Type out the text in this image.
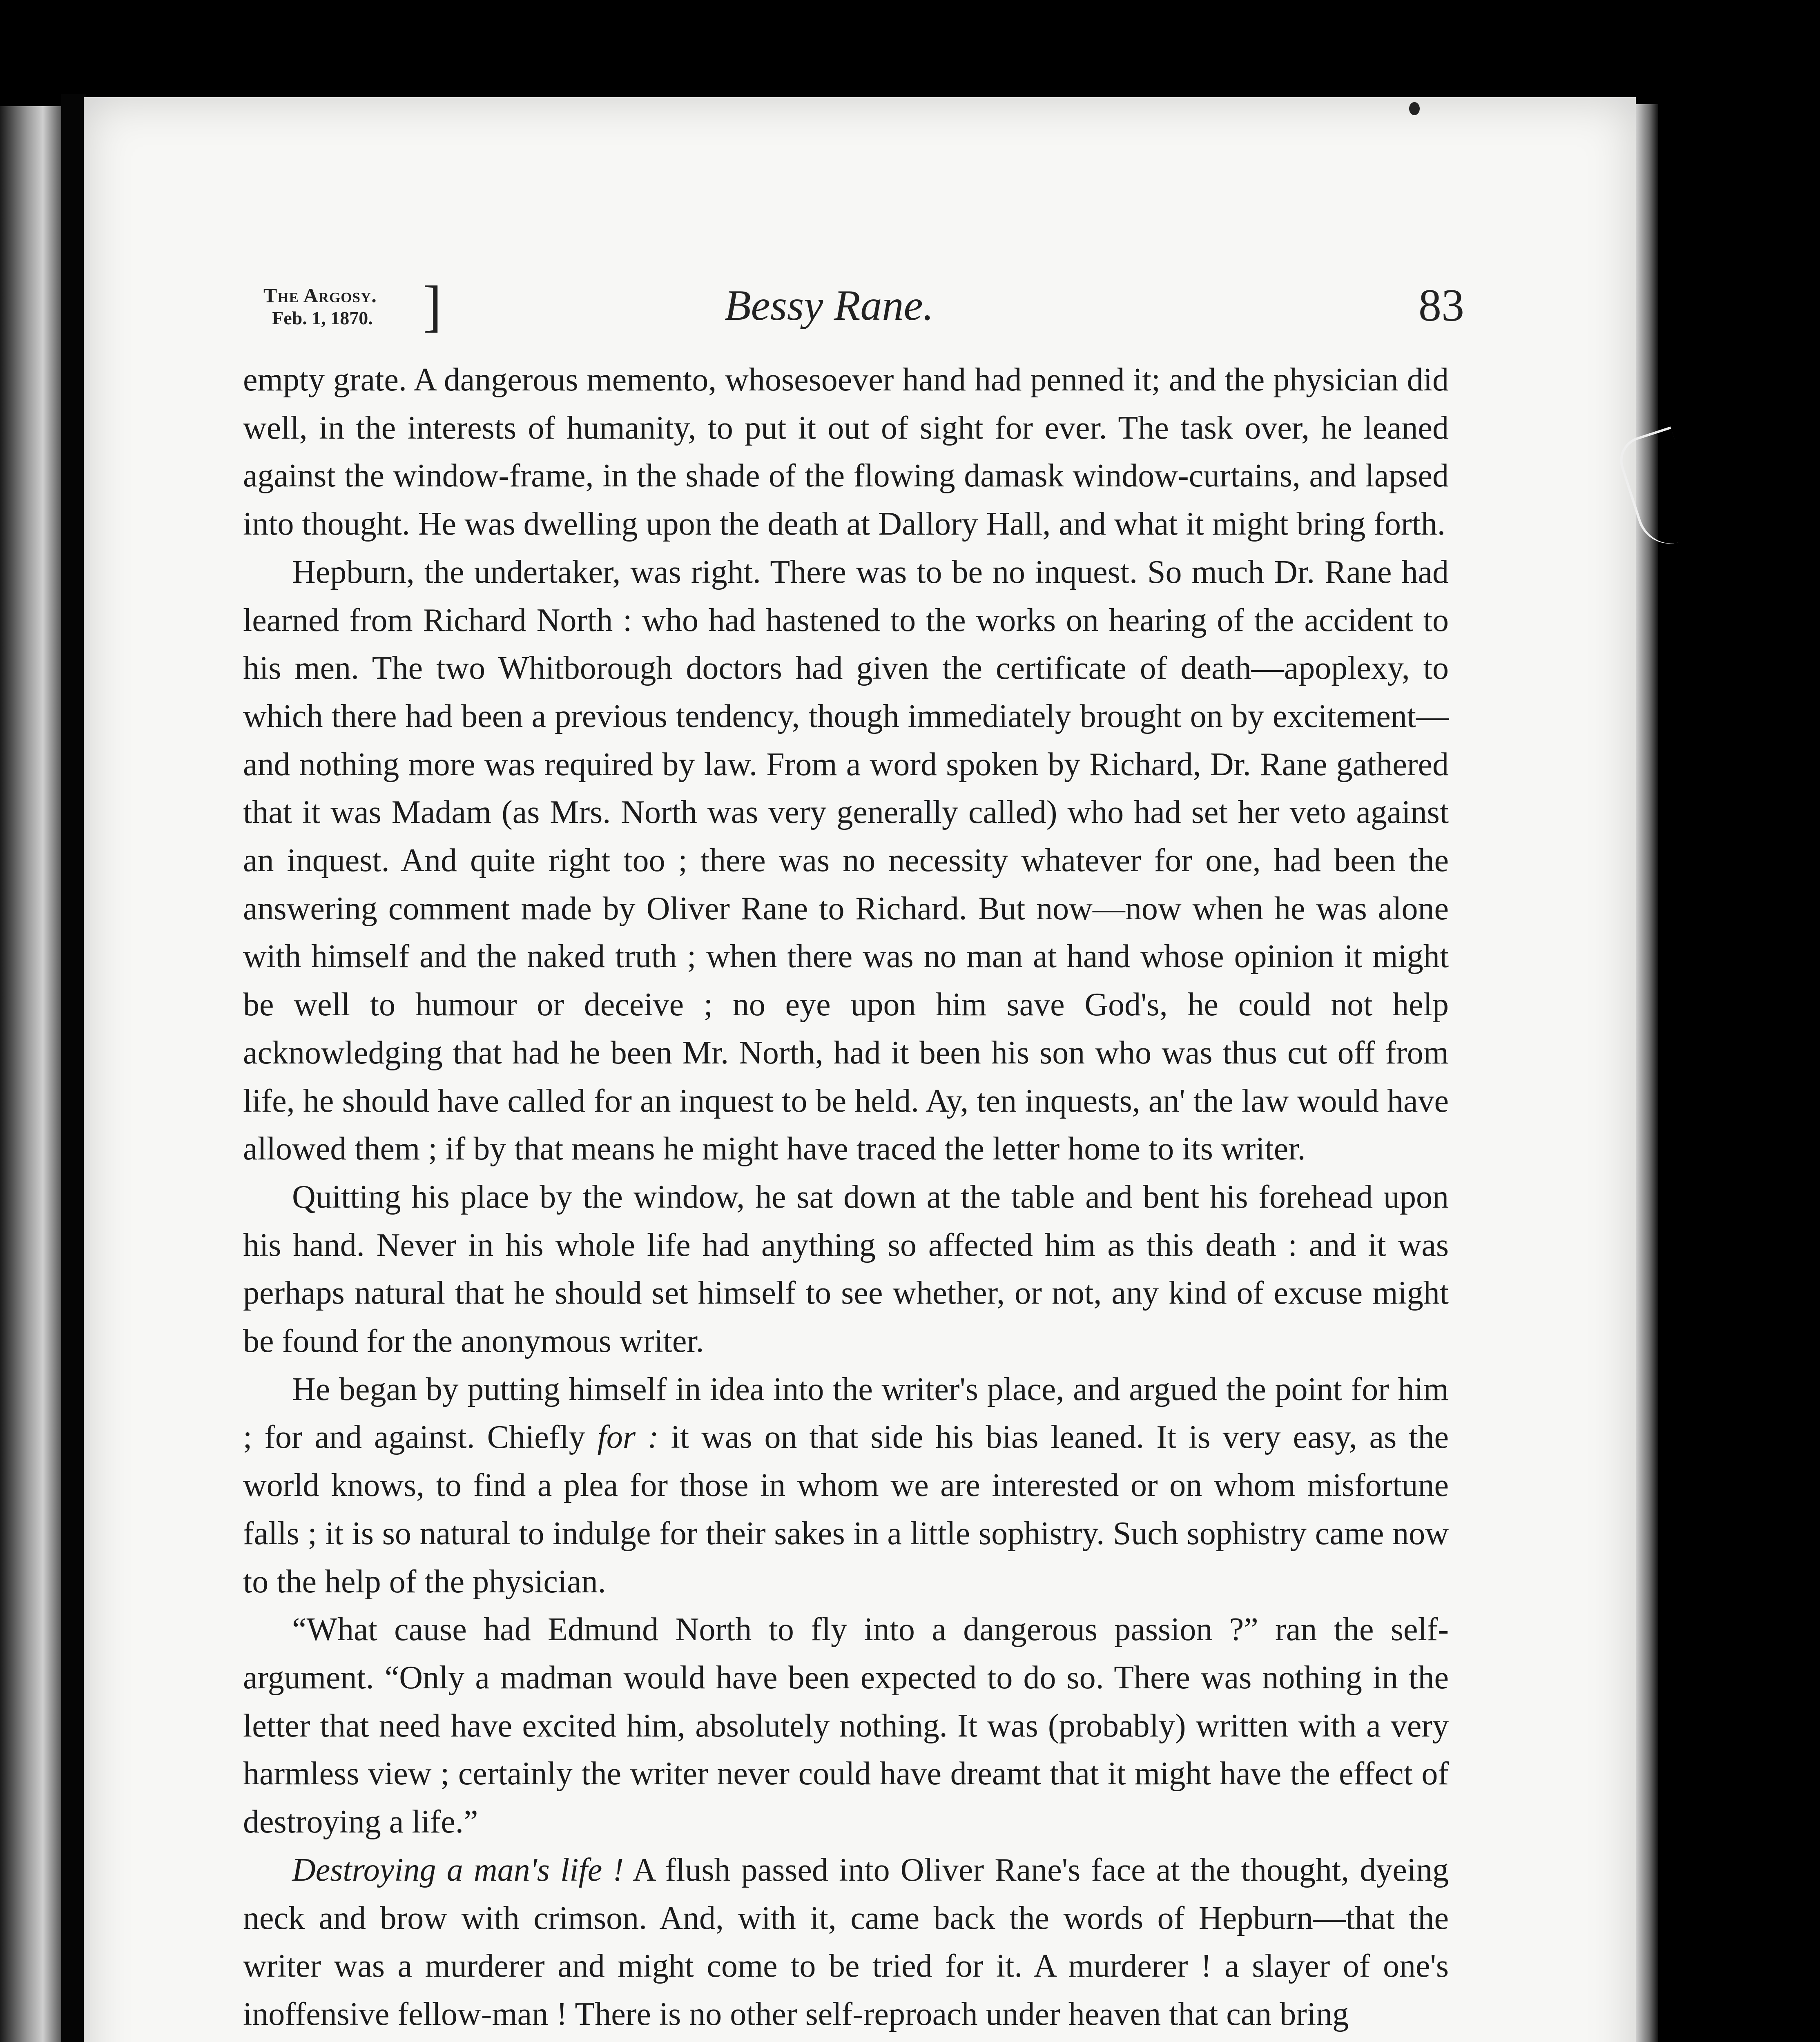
The Argosy.
Feb. 1, 1870. ]	Bessy Rane.	83

empty grate. A dangerous memento, whosesoever hand had penned it; and the physician did well, in the interests of humanity, to put it out of sight for ever. The task over, he leaned against the window-frame, in the shade of the flowing damask window-curtains, and lapsed into thought. He was dwelling upon the death at Dallory Hall, and what it might bring forth.

Hepburn, the undertaker, was right. There was to be no inquest. So much Dr. Rane had learned from Richard North : who had hastened to the works on hearing of the accident to his men. The two Whitborough doctors had given the certificate of death—apoplexy, to which there had been a previous tendency, though immediately brought on by excitement—and nothing more was required by law. From a word spoken by Richard, Dr. Rane gathered that it was Madam (as Mrs. North was very generally called) who had set her veto against an inquest. And quite right too ; there was no necessity whatever for one, had been the answering comment made by Oliver Rane to Richard. But now—now when he was alone with himself and the naked truth ; when there was no man at hand whose opinion it might be well to humour or deceive ; no eye upon him save God's, he could not help acknowledging that had he been Mr. North, had it been his son who was thus cut off from life, he should have called for an inquest to be held. Ay, ten inquests, an' the law would have allowed them ; if by that means he might have traced the letter home to its writer.

Quitting his place by the window, he sat down at the table and bent his forehead upon his hand. Never in his whole life had anything so affected him as this death : and it was perhaps natural that he should set himself to see whether, or not, any kind of excuse might be found for the anonymous writer.

He began by putting himself in idea into the writer's place, and argued the point for him ; for and against. Chiefly for : it was on that side his bias leaned. It is very easy, as the world knows, to find a plea for those in whom we are interested or on whom misfortune falls ; it is so natural to indulge for their sakes in a little sophistry. Such sophistry came now to the help of the physician.

“What cause had Edmund North to fly into a dangerous passion ?” ran the self-argument. “Only a madman would have been expected to do so. There was nothing in the letter that need have excited him, absolutely nothing. It was (probably) written with a very harmless view ; certainly the writer never could have dreamt that it might have the effect of destroying a life.”

Destroying a man's life ! A flush passed into Oliver Rane's face at the thought, dyeing neck and brow with crimson. And, with it, came back the words of Hepburn—that the writer was a murderer and might come to be tried for it. A murderer ! a slayer of one's inoffensive fellow-man ! There is no other self-reproach under heaven that can bring
